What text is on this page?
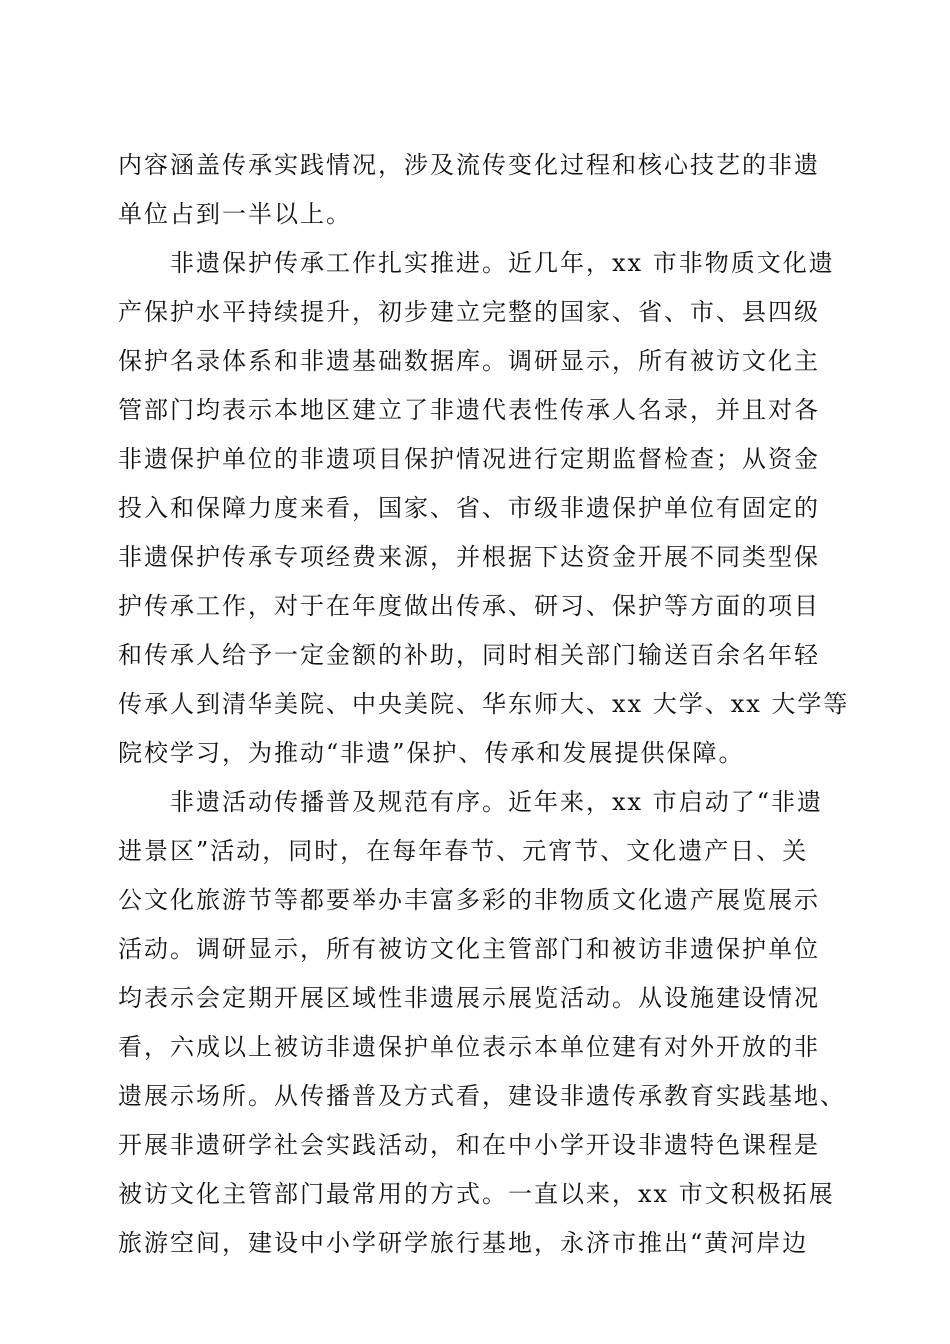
内容涵盖传承实践情况，涉及流传变化过程和核心技艺的非遗
单位占到一半以上。
非遗保护传承工作扎实推进。近几年，xx 市非物质文化遗
产保护水平持续提升，初步建立完整的国家、省、市、县四级
保护名录体系和非遗基础数据库。调研显示，所有被访文化主
管部门均表示本地区建立了非遗代表性传承人名录，并且对各
非遗保护单位的非遗项目保护情况进行定期监督检查；从资金
投入和保障力度来看，国家、省、市级非遗保护单位有固定的
非遗保护传承专项经费来源，并根据下达资金开展不同类型保
护传承工作，对于在年度做出传承、研习、保护等方面的项目
和传承人给予一定金额的补助，同时相关部门输送百余名年轻
传承人到清华美院、中央美院、华东师大、xx 大学、xx 大学等
院校学习，为推动“非遗”保护、传承和发展提供保障。
非遗活动传播普及规范有序。近年来，xx 市启动了“非遗
进景区”活动，同时，在每年春节、元宵节、文化遗产日、关
公文化旅游节等都要举办丰富多彩的非物质文化遗产展览展示
活动。调研显示，所有被访文化主管部门和被访非遗保护单位
均表示会定期开展区域性非遗展示展览活动。从设施建设情况
看，六成以上被访非遗保护单位表示本单位建有对外开放的非
遗展示场所。从传播普及方式看，建设非遗传承教育实践基地、
开展非遗研学社会实践活动，和在中小学开设非遗特色课程是
被访文化主管部门最常用的方式。一直以来，xx 市文积极拓展
旅游空间，建设中小学研学旅行基地，永济市推出“黄河岸边
